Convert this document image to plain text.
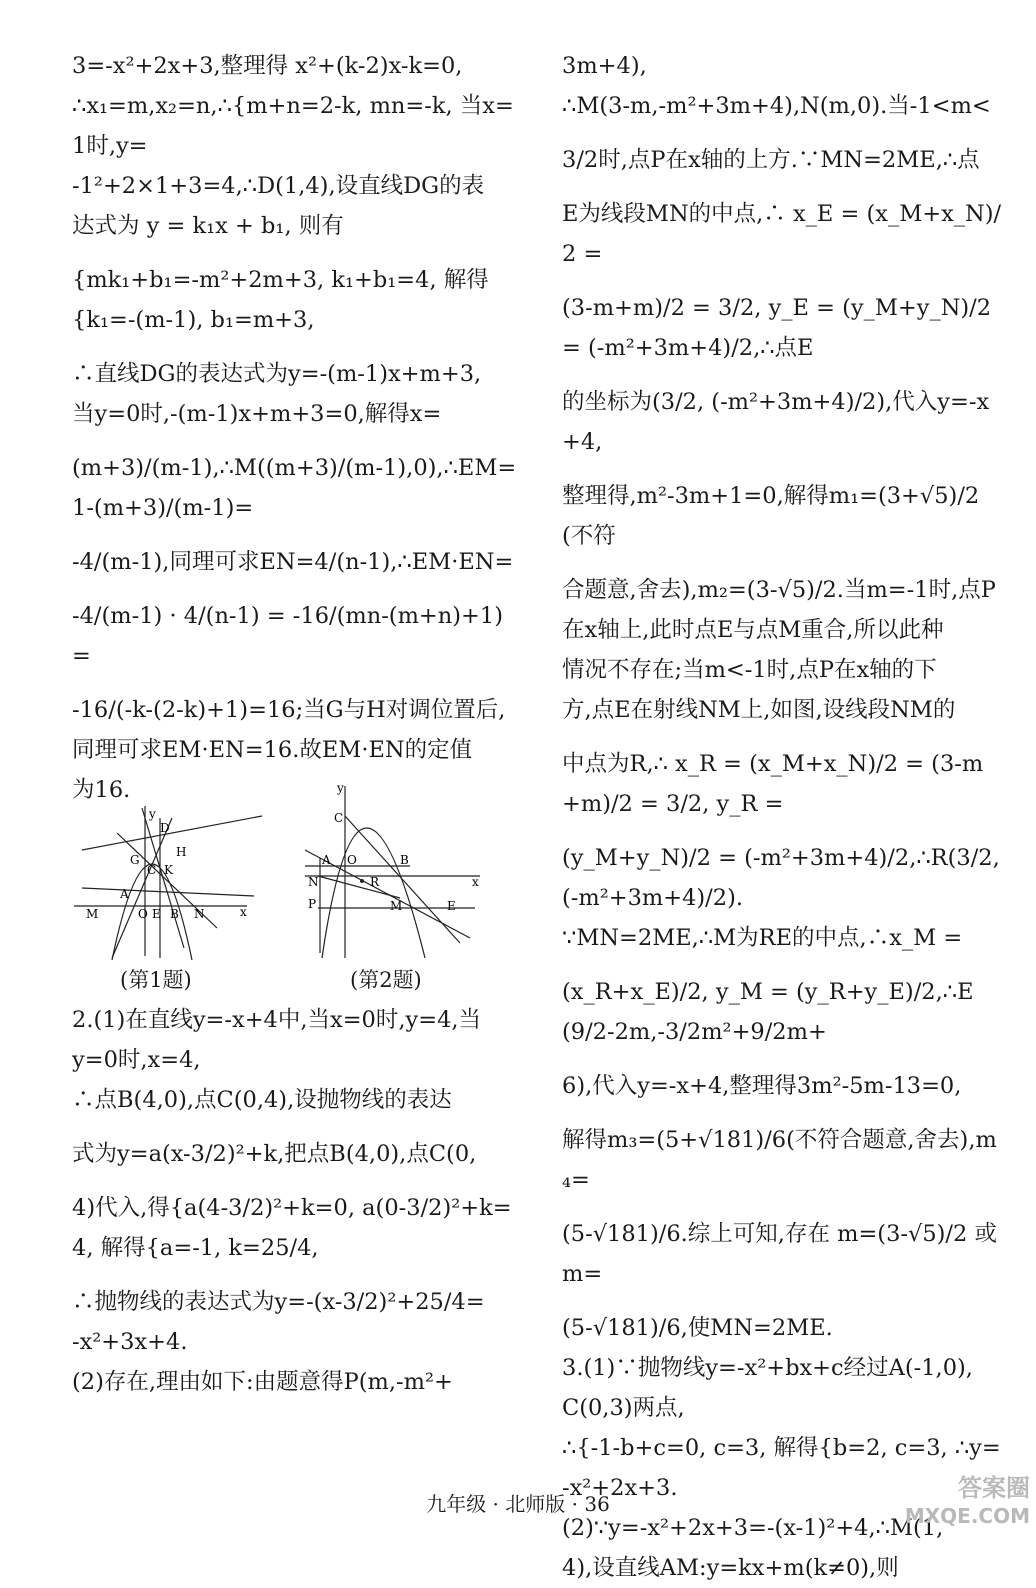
3=-x²+2x+3,整理得 x²+(k-2)x-k=0,

∴x₁=m,x₂=n,∴{m+n=2-k, mn=-k, 当x=1时,y=

-1²+2×1+3=4,∴D(1,4),设直线DG的表

达式为 y = k₁x + b₁, 则有

{mk₁+b₁=-m²+2m+3, k₁+b₁=4, 解得 {k₁=-(m-1), b₁=m+3,

∴直线DG的表达式为y=-(m-1)x+m+3,

当y=0时,-(m-1)x+m+3=0,解得x=

(m+3)/(m-1),∴M((m+3)/(m-1),0),∴EM=1-(m+3)/(m-1)=

-4/(m-1),同理可求EN=4/(n-1),∴EM·EN=

-4/(m-1) · 4/(n-1) = -16/(mn-(m+n)+1)=

-16/(-k-(2-k)+1)=16;当G与H对调位置后,

同理可求EM·EN=16.故EM·EN的定值

为16.

y
D
G
H
C K
A
M	O E B N	x
y
C
A O	B
N	R
P	M	E
x
(第1题)	(第2题)

2.(1)在直线y=-x+4中,当x=0时,y=4,当

y=0时,x=4,

∴点B(4,0),点C(0,4),设抛物线的表达

式为y=a(x-3/2)²+k,把点B(4,0),点C(0,

4)代入,得{a(4-3/2)²+k=0, a(0-3/2)²+k=4, 解得{a=-1, k=25/4,

∴抛物线的表达式为y=-(x-3/2)²+25/4=

-x²+3x+4.

(2)存在,理由如下:由题意得P(m,-m²+

3m+4),

∴M(3-m,-m²+3m+4),N(m,0).当-1<m<

3/2时,点P在x轴的上方.∵MN=2ME,∴点

E为线段MN的中点,∴ x_E = (x_M+x_N)/2 =

(3-m+m)/2 = 3/2, y_E = (y_M+y_N)/2 = (-m²+3m+4)/2,∴点E

的坐标为(3/2, (-m²+3m+4)/2),代入y=-x+4,

整理得,m²-3m+1=0,解得m₁=(3+√5)/2(不符

合题意,舍去),m₂=(3-√5)/2.当m=-1时,点P

在x轴上,此时点E与点M重合,所以此种

情况不存在;当m<-1时,点P在x轴的下

方,点E在射线NM上,如图,设线段NM的

中点为R,∴ x_R = (x_M+x_N)/2 = (3-m+m)/2 = 3/2, y_R =

(y_M+y_N)/2 = (-m²+3m+4)/2,∴R(3/2, (-m²+3m+4)/2).

∵MN=2ME,∴M为RE的中点,∴x_M =

(x_R+x_E)/2, y_M = (y_R+y_E)/2,∴E(9/2-2m,-3/2m²+9/2m+

6),代入y=-x+4,整理得3m²-5m-13=0,

解得m₃=(5+√181)/6(不符合题意,舍去),m₄=

(5-√181)/6.综上可知,存在 m=(3-√5)/2 或 m=

(5-√181)/6,使MN=2ME.

3.(1)∵抛物线y=-x²+bx+c经过A(-1,0),

C(0,3)两点,

∴{-1-b+c=0, c=3, 解得{b=2, c=3, ∴y=-x²+2x+3.

(2)∵y=-x²+2x+3=-(x-1)²+4,∴M(1,

4),设直线AM:y=kx+m(k≠0),则

九年级 · 北师版 · 36
答案圈
MXQE.COM
